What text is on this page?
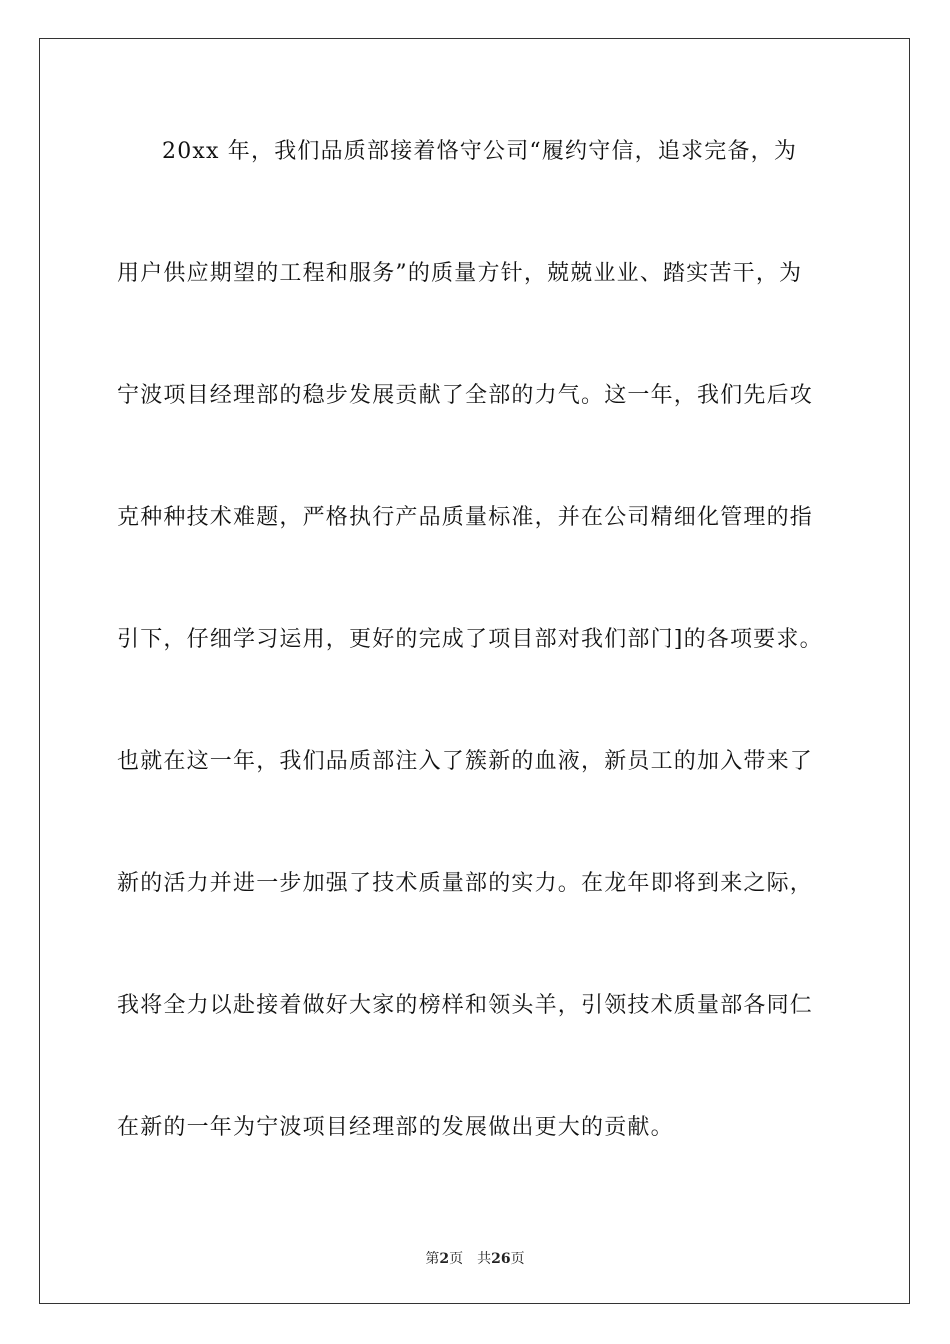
20xx 年，我们品质部接着恪守公司“履约守信，追求完备，为
用户供应期望的工程和服务”的质量方针，兢兢业业、踏实苦干，为
宁波项目经理部的稳步发展贡献了全部的力气。这一年，我们先后攻
克种种技术难题，严格执行产品质量标准，并在公司精细化管理的指
引下，仔细学习运用，更好的完成了项目部对我们部门]的各项要求。
也就在这一年，我们品质部注入了簇新的血液，新员工的加入带来了
新的活力并进一步加强了技术质量部的实力。在龙年即将到来之际，
我将全力以赴接着做好大家的榜样和领头羊，引领技术质量部各同仁
在新的一年为宁波项目经理部的发展做出更大的贡献。
第2页 共26页
